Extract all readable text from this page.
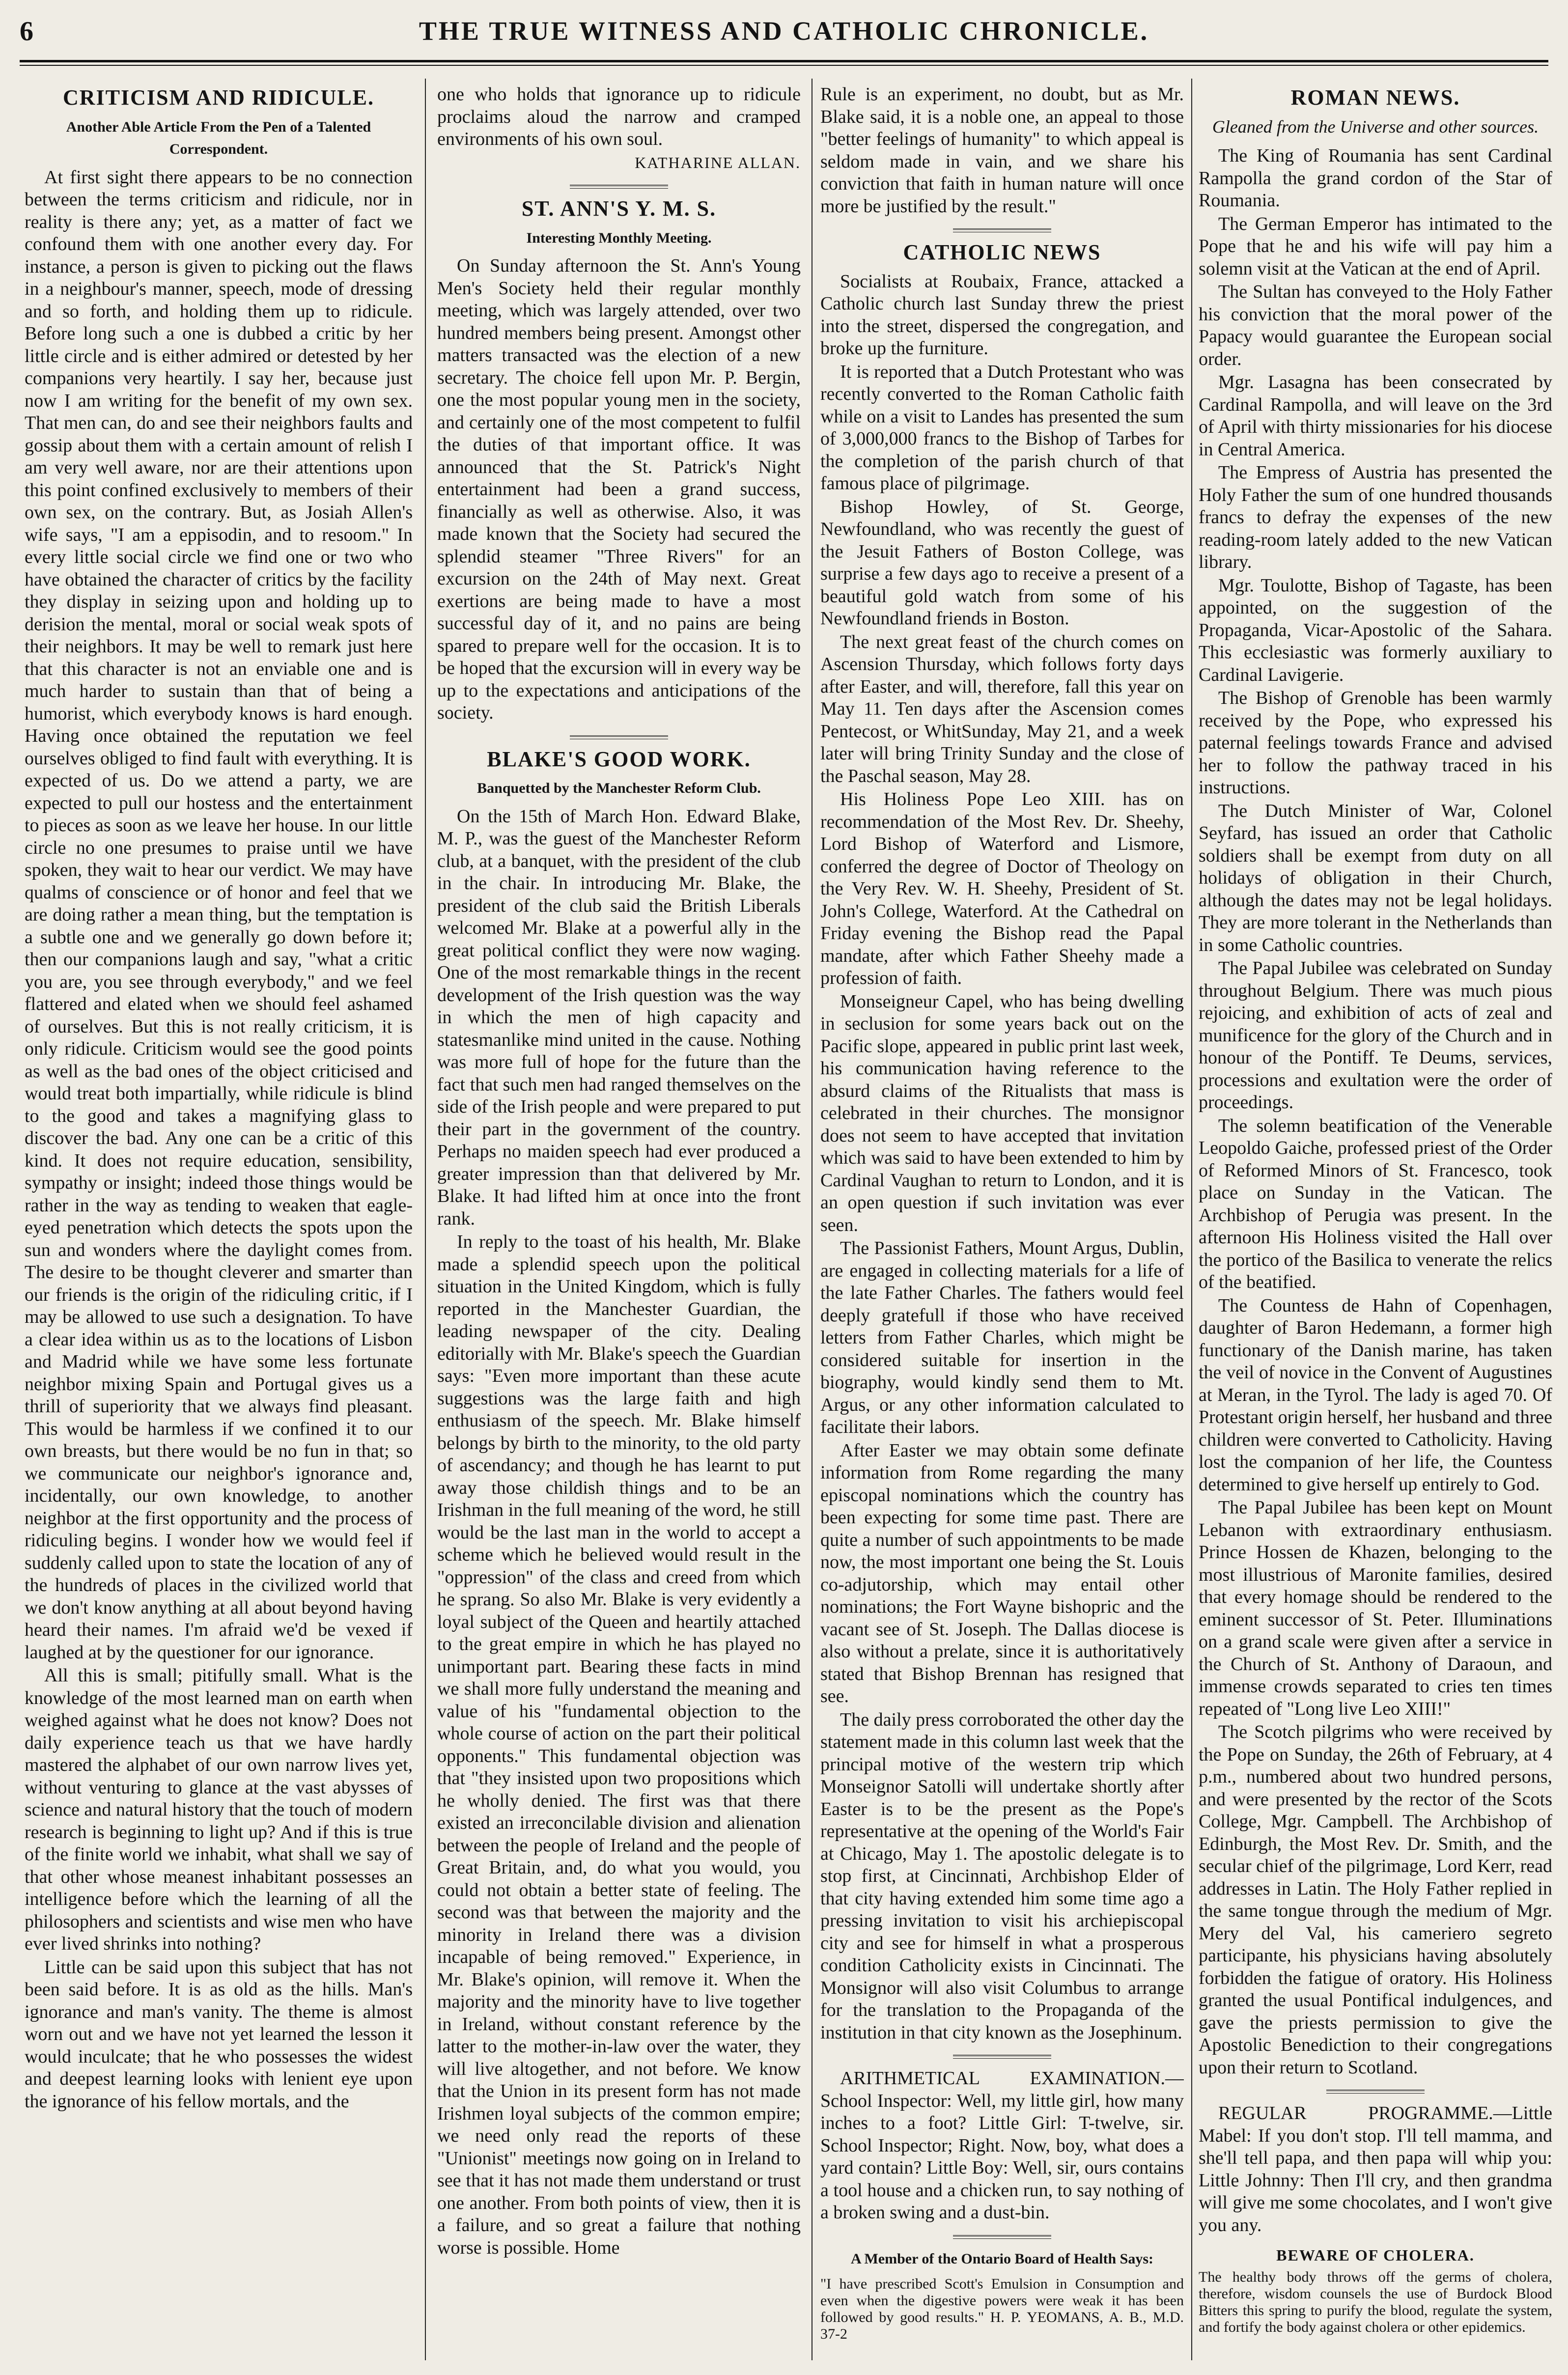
6	THE TRUE WITNESS AND CATHOLIC CHRONICLE.
CRITICISM AND RIDICULE.
Another Able Article From the Pen of a Talented Correspondent.

At first sight there appears to be no connection between the terms criticism and ridicule, nor in reality is there any; yet, as a matter of fact we confound them with one another every day. For instance, a person is given to picking out the flaws in a neighbour's manner, speech, mode of dressing and so forth, and holding them up to ridicule. Before long such a one is dubbed a critic by her little circle and is either admired or detested by her companions very heartily. I say her, because just now I am writing for the benefit of my own sex. That men can, do and see their neighbors faults and gossip about them with a certain amount of relish I am very well aware, nor are their attentions upon this point confined exclusively to members of their own sex, on the contrary. But, as Josiah Allen's wife says, "I am a eppisodin, and to resoom." In every little social circle we find one or two who have obtained the character of critics by the facility they display in seizing upon and holding up to derision the mental, moral or social weak spots of their neighbors. It may be well to remark just here that this character is not an enviable one and is much harder to sustain than that of being a humorist, which everybody knows is hard enough. Having once obtained the reputation we feel ourselves obliged to find fault with everything. It is expected of us. Do we attend a party, we are expected to pull our hostess and the entertainment to pieces as soon as we leave her house. In our little circle no one presumes to praise until we have spoken, they wait to hear our verdict. We may have qualms of conscience or of honor and feel that we are doing rather a mean thing, but the temptation is a subtle one and we generally go down before it; then our companions laugh and say, "what a critic you are, you see through everybody," and we feel flattered and elated when we should feel ashamed of ourselves. But this is not really criticism, it is only ridicule. Criticism would see the good points as well as the bad ones of the object criticised and would treat both impartially, while ridicule is blind to the good and takes a magnifying glass to discover the bad. Any one can be a critic of this kind. It does not require education, sensibility, sympathy or insight; indeed those things would be rather in the way as tending to weaken that eagle-eyed penetration which detects the spots upon the sun and wonders where the daylight comes from. The desire to be thought cleverer and smarter than our friends is the origin of the ridiculing critic, if I may be allowed to use such a designation. To have a clear idea within us as to the locations of Lisbon and Madrid while we have some less fortunate neighbor mixing Spain and Portugal gives us a thrill of superiority that we always find pleasant. This would be harmless if we confined it to our own breasts, but there would be no fun in that; so we communicate our neighbor's ignorance and, incidentally, our own knowledge, to another neighbor at the first opportunity and the process of ridiculing begins. I wonder how we would feel if suddenly called upon to state the location of any of the hundreds of places in the civilized world that we don't know anything at all about beyond having heard their names. I'm afraid we'd be vexed if laughed at by the questioner for our ignorance.

All this is small; pitifully small. What is the knowledge of the most learned man on earth when weighed against what he does not know? Does not daily experience teach us that we have hardly mastered the alphabet of our own narrow lives yet, without venturing to glance at the vast abysses of science and natural history that the touch of modern research is beginning to light up? And if this is true of the finite world we inhabit, what shall we say of that other whose meanest inhabitant possesses an intelligence before which the learning of all the philosophers and scientists and wise men who have ever lived shrinks into nothing?

Little can be said upon this subject that has not been said before. It is as old as the hills. Man's ignorance and man's vanity. The theme is almost worn out and we have not yet learned the lesson it would inculcate; that he who possesses the widest and deepest learning looks with lenient eye upon the ignorance of his fellow mortals, and the

one who holds that ignorance up to ridicule proclaims aloud the narrow and cramped environments of his own soul.

KATHARINE ALLAN.
ST. ANN'S Y. M. S.
Interesting Monthly Meeting.

On Sunday afternoon the St. Ann's Young Men's Society held their regular monthly meeting, which was largely attended, over two hundred members being present. Amongst other matters transacted was the election of a new secretary. The choice fell upon Mr. P. Bergin, one the most popular young men in the society, and certainly one of the most competent to fulfil the duties of that important office. It was announced that the St. Patrick's Night entertainment had been a grand success, financially as well as otherwise. Also, it was made known that the Society had secured the splendid steamer "Three Rivers" for an excursion on the 24th of May next. Great exertions are being made to have a most successful day of it, and no pains are being spared to prepare well for the occasion. It is to be hoped that the excursion will in every way be up to the expectations and anticipations of the society.

BLAKE'S GOOD WORK.
Banquetted by the Manchester Reform Club.

On the 15th of March Hon. Edward Blake, M. P., was the guest of the Manchester Reform club, at a banquet, with the president of the club in the chair. In introducing Mr. Blake, the president of the club said the British Liberals welcomed Mr. Blake at a powerful ally in the great political conflict they were now waging. One of the most remarkable things in the recent development of the Irish question was the way in which the men of high capacity and statesmanlike mind united in the cause. Nothing was more full of hope for the future than the fact that such men had ranged themselves on the side of the Irish people and were prepared to put their part in the government of the country. Perhaps no maiden speech had ever produced a greater impression than that delivered by Mr. Blake. It had lifted him at once into the front rank.

In reply to the toast of his health, Mr. Blake made a splendid speech upon the political situation in the United Kingdom, which is fully reported in the Manchester Guardian, the leading newspaper of the city. Dealing editorially with Mr. Blake's speech the Guardian says: "Even more important than these acute suggestions was the large faith and high enthusiasm of the speech. Mr. Blake himself belongs by birth to the minority, to the old party of ascendancy; and though he has learnt to put away those childish things and to be an Irishman in the full meaning of the word, he still would be the last man in the world to accept a scheme which he believed would result in the "oppression" of the class and creed from which he sprang. So also Mr. Blake is very evidently a loyal subject of the Queen and heartily attached to the great empire in which he has played no unimportant part. Bearing these facts in mind we shall more fully understand the meaning and value of his "fundamental objection to the whole course of action on the part their political opponents." This fundamental objection was that "they insisted upon two propositions which he wholly denied. The first was that there existed an irreconcilable division and alienation between the people of Ireland and the people of Great Britain, and, do what you would, you could not obtain a better state of feeling. The second was that between the majority and the minority in Ireland there was a division incapable of being removed." Experience, in Mr. Blake's opinion, will remove it. When the majority and the minority have to live together in Ireland, without constant reference by the latter to the mother-in-law over the water, they will live altogether, and not before. We know that the Union in its present form has not made Irishmen loyal subjects of the common empire; we need only read the reports of these "Unionist" meetings now going on in Ireland to see that it has not made them understand or trust one another. From both points of view, then it is a failure, and so great a failure that nothing worse is possible. Home

Rule is an experiment, no doubt, but as Mr. Blake said, it is a noble one, an appeal to those "better feelings of humanity" to which appeal is seldom made in vain, and we share his conviction that faith in human nature will once more be justified by the result."

CATHOLIC NEWS

Socialists at Roubaix, France, attacked a Catholic church last Sunday threw the priest into the street, dispersed the congregation, and broke up the furniture.

It is reported that a Dutch Protestant who was recently converted to the Roman Catholic faith while on a visit to Landes has presented the sum of 3,000,000 francs to the Bishop of Tarbes for the completion of the parish church of that famous place of pilgrimage.

Bishop Howley, of St. George, Newfoundland, who was recently the guest of the Jesuit Fathers of Boston College, was surprise a few days ago to receive a present of a beautiful gold watch from some of his Newfoundland friends in Boston.

The next great feast of the church comes on Ascension Thursday, which follows forty days after Easter, and will, therefore, fall this year on May 11. Ten days after the Ascension comes Pentecost, or WhitSunday, May 21, and a week later will bring Trinity Sunday and the close of the Paschal season, May 28.

His Holiness Pope Leo XIII. has on recommendation of the Most Rev. Dr. Sheehy, Lord Bishop of Waterford and Lismore, conferred the degree of Doctor of Theology on the Very Rev. W. H. Sheehy, President of St. John's College, Waterford. At the Cathedral on Friday evening the Bishop read the Papal mandate, after which Father Sheehy made a profession of faith.

Monseigneur Capel, who has being dwelling in seclusion for some years back out on the Pacific slope, appeared in public print last week, his communication having reference to the absurd claims of the Ritualists that mass is celebrated in their churches. The monsignor does not seem to have accepted that invitation which was said to have been extended to him by Cardinal Vaughan to return to London, and it is an open question if such invitation was ever seen.

The Passionist Fathers, Mount Argus, Dublin, are engaged in collecting materials for a life of the late Father Charles. The fathers would feel deeply gratefull if those who have received letters from Father Charles, which might be considered suitable for insertion in the biography, would kindly send them to Mt. Argus, or any other information calculated to facilitate their labors.

After Easter we may obtain some definate information from Rome regarding the many episcopal nominations which the country has been expecting for some time past. There are quite a number of such appointments to be made now, the most important one being the St. Louis co-adjutorship, which may entail other nominations; the Fort Wayne bishopric and the vacant see of St. Joseph. The Dallas diocese is also without a prelate, since it is authoritatively stated that Bishop Brennan has resigned that see.

The daily press corroborated the other day the statement made in this column last week that the principal motive of the western trip which Monseignor Satolli will undertake shortly after Easter is to be the present as the Pope's representative at the opening of the World's Fair at Chicago, May 1. The apostolic delegate is to stop first, at Cincinnati, Archbishop Elder of that city having extended him some time ago a pressing invitation to visit his archiepiscopal city and see for himself in what a prosperous condition Catholicity exists in Cincinnati. The Monsignor will also visit Columbus to arrange for the translation to the Propaganda of the institution in that city known as the Josephinum.

ARITHMETICAL EXAMINATION.—School Inspector: Well, my little girl, how many inches to a foot? Little Girl: T-twelve, sir. School Inspector; Right. Now, boy, what does a yard contain? Little Boy: Well, sir, ours contains a tool house and a chicken run, to say nothing of a broken swing and a dust-bin.

A Member of the Ontario Board of Health Says:
"I have prescribed Scott's Emulsion in Consumption and even when the digestive powers were weak it has been followed by good results." H. P. YEOMANS, A. B., M.D. 37-2
ROMAN NEWS.
Gleaned from the Universe and other sources.

The King of Roumania has sent Cardinal Rampolla the grand cordon of the Star of Roumania.

The German Emperor has intimated to the Pope that he and his wife will pay him a solemn visit at the Vatican at the end of April.

The Sultan has conveyed to the Holy Father his conviction that the moral power of the Papacy would guarantee the European social order.

Mgr. Lasagna has been consecrated by Cardinal Rampolla, and will leave on the 3rd of April with thirty missionaries for his diocese in Central America.

The Empress of Austria has presented the Holy Father the sum of one hundred thousands francs to defray the expenses of the new reading-room lately added to the new Vatican library.

Mgr. Toulotte, Bishop of Tagaste, has been appointed, on the suggestion of the Propaganda, Vicar-Apostolic of the Sahara. This ecclesiastic was formerly auxiliary to Cardinal Lavigerie.

The Bishop of Grenoble has been warmly received by the Pope, who expressed his paternal feelings towards France and advised her to follow the pathway traced in his instructions.

The Dutch Minister of War, Colonel Seyfard, has issued an order that Catholic soldiers shall be exempt from duty on all holidays of obligation in their Church, although the dates may not be legal holidays. They are more tolerant in the Netherlands than in some Catholic countries.

The Papal Jubilee was celebrated on Sunday throughout Belgium. There was much pious rejoicing, and exhibition of acts of zeal and munificence for the glory of the Church and in honour of the Pontiff. Te Deums, services, processions and exultation were the order of proceedings.

The solemn beatification of the Venerable Leopoldo Gaiche, professed priest of the Order of Reformed Minors of St. Francesco, took place on Sunday in the Vatican. The Archbishop of Perugia was present. In the afternoon His Holiness visited the Hall over the portico of the Basilica to venerate the relics of the beatified.

The Countess de Hahn of Copenhagen, daughter of Baron Hedemann, a former high functionary of the Danish marine, has taken the veil of novice in the Convent of Augustines at Meran, in the Tyrol. The lady is aged 70. Of Protestant origin herself, her husband and three children were converted to Catholicity. Having lost the companion of her life, the Countess determined to give herself up entirely to God.

The Papal Jubilee has been kept on Mount Lebanon with extraordinary enthusiasm. Prince Hossen de Khazen, belonging to the most illustrious of Maronite families, desired that every homage should be rendered to the eminent successor of St. Peter. Illuminations on a grand scale were given after a service in the Church of St. Anthony of Daraoun, and immense crowds separated to cries ten times repeated of "Long live Leo XIII!"

The Scotch pilgrims who were received by the Pope on Sunday, the 26th of February, at 4 p.m., numbered about two hundred persons, and were presented by the rector of the Scots College, Mgr. Campbell. The Archbishop of Edinburgh, the Most Rev. Dr. Smith, and the secular chief of the pilgrimage, Lord Kerr, read addresses in Latin. The Holy Father replied in the same tongue through the medium of Mgr. Mery del Val, his cameriero segreto participante, his physicians having absolutely forbidden the fatigue of oratory. His Holiness granted the usual Pontifical indulgences, and gave the priests permission to give the Apostolic Benediction to their congregations upon their return to Scotland.

REGULAR PROGRAMME.—Little Mabel: If you don't stop. I'll tell mamma, and she'll tell papa, and then papa will whip you: Little Johnny: Then I'll cry, and then grandma will give me some chocolates, and I won't give you any.

BEWARE OF CHOLERA.
The healthy body throws off the germs of cholera, therefore, wisdom counsels the use of Burdock Blood Bitters this spring to purify the blood, regulate the system, and fortify the body against cholera or other epidemics.
